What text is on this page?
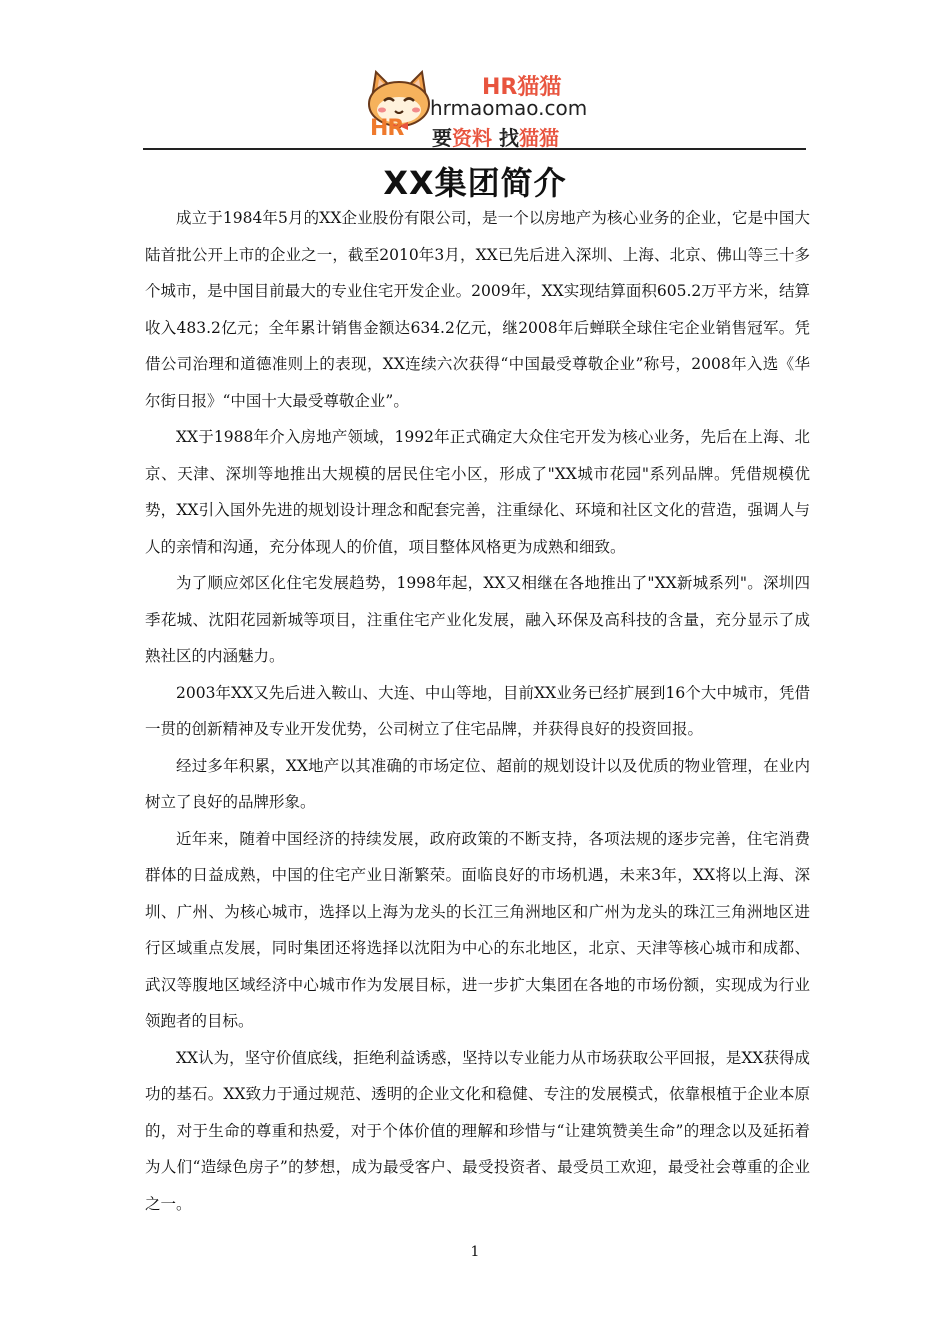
HR
HR猫猫
hrmaomao.com
要资料 找猫猫
XX集团简介

成立于1984年5月的XX企业股份有限公司，是一个以房地产为核心业务的企业，它是中国大陆首批公开上市的企业之一，截至2010年3月，XX已先后进入深圳、上海、北京、佛山等三十多个城市，是中国目前最大的专业住宅开发企业。2009年，XX实现结算面积605.2万平方米，结算收入483.2亿元；全年累计销售金额达634.2亿元，继2008年后蝉联全球住宅企业销售冠军。凭借公司治理和道德准则上的表现，XX连续六次获得“中国最受尊敬企业”称号，2008年入选《华尔街日报》“中国十大最受尊敬企业”。

XX于1988年介入房地产领域，1992年正式确定大众住宅开发为核心业务，先后在上海、北京、天津、深圳等地推出大规模的居民住宅小区，形成了"XX城市花园"系列品牌。凭借规模优势，XX引入国外先进的规划设计理念和配套完善，注重绿化、环境和社区文化的营造，强调人与人的亲情和沟通，充分体现人的价值，项目整体风格更为成熟和细致。

为了顺应郊区化住宅发展趋势，1998年起，XX又相继在各地推出了"XX新城系列"。深圳四季花城、沈阳花园新城等项目，注重住宅产业化发展，融入环保及高科技的含量，充分显示了成熟社区的内涵魅力。

2003年XX又先后进入鞍山、大连、中山等地，目前XX业务已经扩展到16个大中城市，凭借一贯的创新精神及专业开发优势，公司树立了住宅品牌，并获得良好的投资回报。

经过多年积累，XX地产以其准确的市场定位、超前的规划设计以及优质的物业管理，在业内树立了良好的品牌形象。

近年来，随着中国经济的持续发展，政府政策的不断支持，各项法规的逐步完善，住宅消费群体的日益成熟，中国的住宅产业日渐繁荣。面临良好的市场机遇，未来3年，XX将以上海、深圳、广州、为核心城市，选择以上海为龙头的长江三角洲地区和广州为龙头的珠江三角洲地区进行区域重点发展，同时集团还将选择以沈阳为中心的东北地区，北京、天津等核心城市和成都、武汉等腹地区域经济中心城市作为发展目标，进一步扩大集团在各地的市场份额，实现成为行业领跑者的目标。

XX认为，坚守价值底线，拒绝利益诱惑，坚持以专业能力从市场获取公平回报，是XX获得成功的基石。XX致力于通过规范、透明的企业文化和稳健、专注的发展模式，依靠根植于企业本原的，对于生命的尊重和热爱，对于个体价值的理解和珍惜与“让建筑赞美生命”的理念以及延拓着为人们“造绿色房子”的梦想，成为最受客户、最受投资者、最受员工欢迎，最受社会尊重的企业之一。

1
